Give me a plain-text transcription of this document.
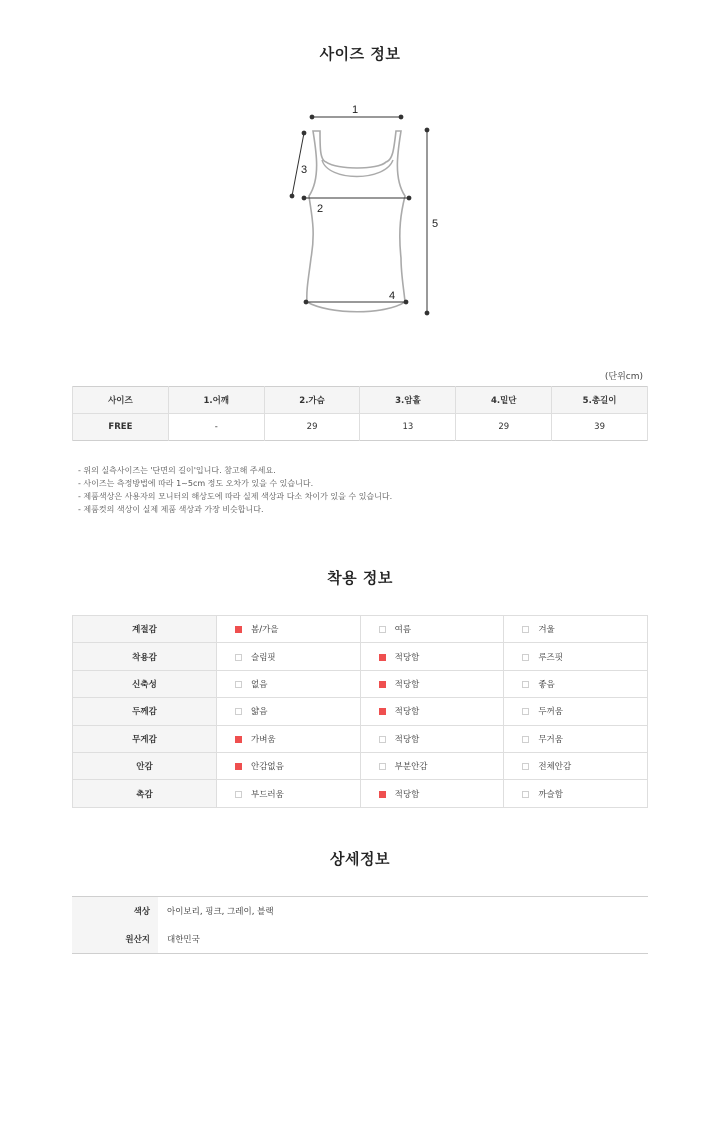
사이즈 정보
1
2
3
4
5
(단위cm)
사이즈	1.어깨	2.가슴	3.암홀	4.밑단	5.총길이
FREE	-	29	13	29	39
- 위의 실측사이즈는 '단면의 길이'입니다. 참고해 주세요.
- 사이즈는 측정방법에 따라 1~5cm 정도 오차가 있을 수 있습니다.
- 제품색상은 사용자의 모니터의 해상도에 따라 실제 색상과 다소 차이가 있을 수 있습니다.
- 제품컷의 색상이 실제 제품 색상과 가장 비슷합니다.
착용 정보
계절감	봄/가을	여름	겨울
착용감	슬림핏	적당함	루즈핏
신축성	없음	적당함	좋음
두께감	얇음	적당함	두꺼움
무게감	가벼움	적당함	무거움
안감	안감없음	부분안감	전체안감
촉감	부드러움	적당함	까슬함
상세정보
색상	아이보리, 핑크, 그레이, 블랙
원산지	대한민국
